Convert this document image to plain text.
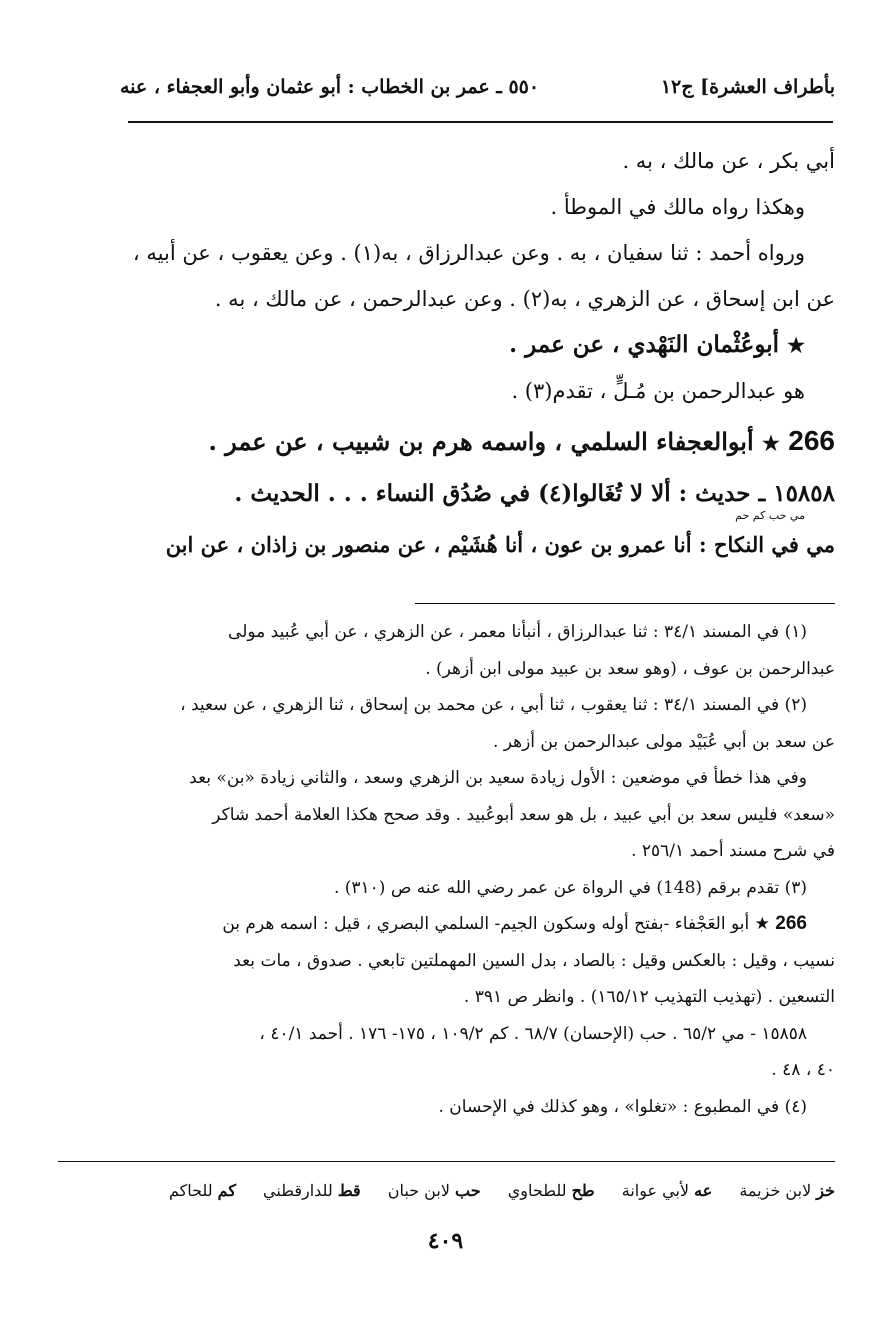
بأطراف العشرة] ج١٢
٥٥٠ ـ عمر بن الخطاب : أبو عثمان وأبو العجفاء ، عنه
أبي بكر ، عن مالك ، به .
وهكذا رواه مالك في الموطأ .
ورواه أحمد : ثنا سفيان ، به . وعن عبدالرزاق ، به(١) . وعن يعقوب ، عن أبيه ،
عن ابن إسحاق ، عن الزهري ، به(٢) . وعن عبدالرحمن ، عن مالك ، به .
★ أبوعُثْمان النَهْدي ، عن عمر .
هو عبدالرحمن بن مُـلٍّ ، تقدم(٣) .
266 ★ أبوالعجفاء السلمي ، واسمه هرم بن شبيب ، عن عمر .
١٥٨٥٨ ـ حديث : ألا لا تُغَالوا(٤) في صُدُق النساء . . . الحديث .
مي حب كم حم
مي في النكاح : أنا عمرو بن عون ، أنا هُشَيْم ، عن منصور بن زاذان ، عن ابن
(١) في المسند ٣٤/١ : ثنا عبدالرزاق ، أنبأنا معمر ، عن الزهري ، عن أبي عُبيد مولى
عبدالرحمن بن عوف ، (وهو سعد بن عبيد مولى ابن أزهر) .
(٢) في المسند ٣٤/١ : ثنا يعقوب ، ثنا أبي ، عن محمد بن إسحاق ، ثنا الزهري ، عن سعيد ،
عن سعد بن أبي عُبَيْد مولى عبدالرحمن بن أزهر .
وفي هذا خطأ في موضعين : الأول زيادة سعيد بن الزهري وسعد ، والثاني زيادة «بن» بعد
«سعد» فليس سعد بن أبي عبيد ، بل هو سعد أبوعُبيد . وقد صحح هكذا العلامة أحمد شاكر
في شرح مسند أحمد ٢٥٦/١ .
(٣) تقدم برقم (148) في الرواة عن عمر رضي الله عنه ص (٣١٠) .
266 ★ أبو العَجْفاء -بفتح أوله وسكون الجيم- السلمي البصري ، قيل : اسمه هرم بن
نسيب ، وقيل : بالعكس وقيل : بالصاد ، بدل السين المهملتين تابعي . صدوق ، مات بعد
التسعين . (تهذيب التهذيب ١٦٥/١٢) . وانظر ص ٣٩١ .
١٥٨٥٨ - مي ٦٥/٢ . حب (الإحسان) ٦٨/٧ . كم ١٠٩/٢ ، ١٧٥- ١٧٦ . أحمد ٤٠/١ ،
٤٠ ، ٤٨ .
(٤) في المطبوع : «تغلوا» ، وهو كذلك في الإحسان .
خز لابن خزيمة عه لأبي عوانة طح للطحاوي حب لابن حبان قط للدارقطني كم للحاكم
٤٠٩
